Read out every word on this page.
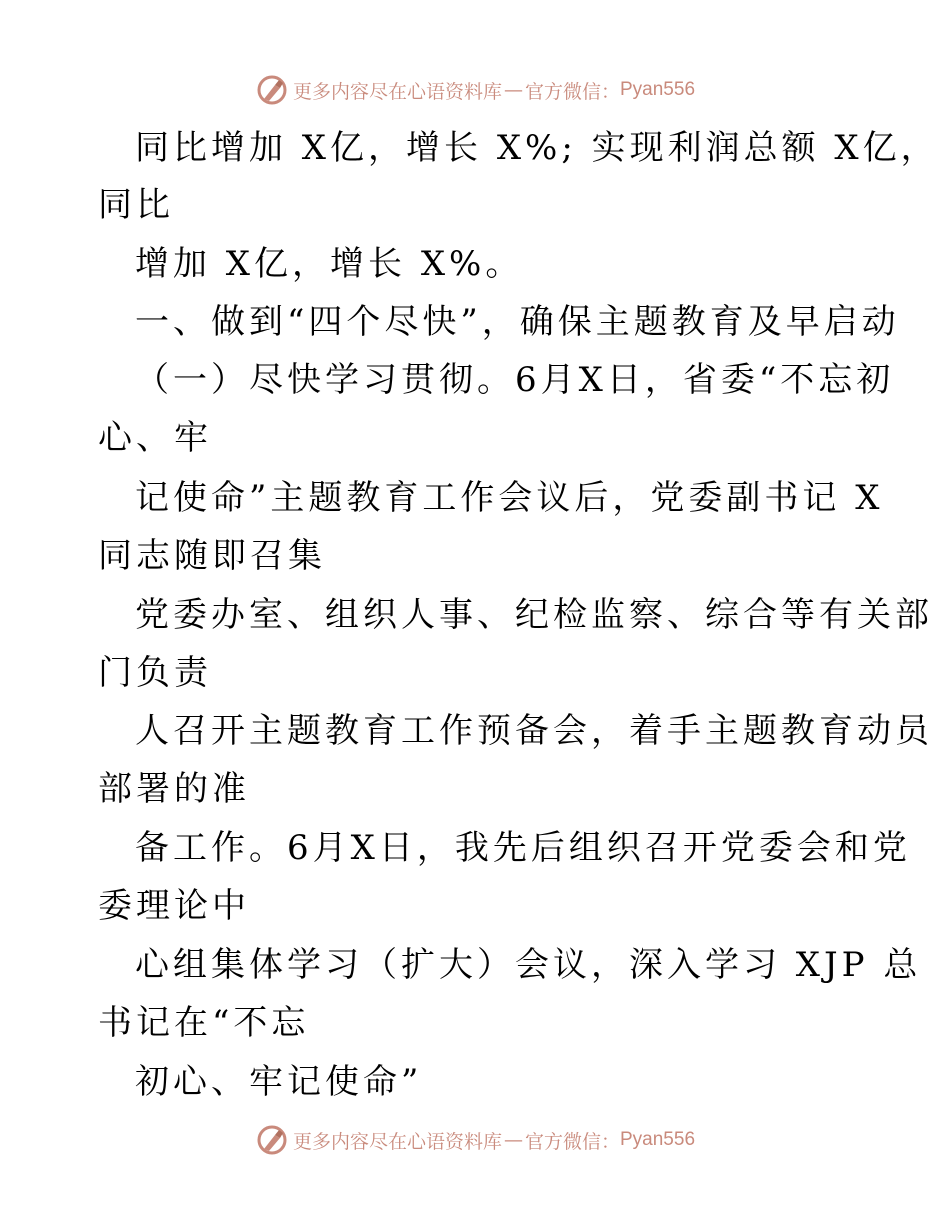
更多内容尽在心语资料库 — 官方微信： Pyan556
同比增加 X亿，增长 X%; 实现利润总额 X亿，
同比
增加 X亿，增长 X%。
一、做到“四个尽快”，确保主题教育及早启动
（一）尽快学习贯彻。6月X日，省委“不忘初
心、牢
记使命”主题教育工作会议后，党委副书记 X
同志随即召集
党委办室、组织人事、纪检监察、综合等有关部
门负责
人召开主题教育工作预备会，着手主题教育动员
部署的准
备工作。6月X日，我先后组织召开党委会和党
委理论中
心组集体学习（扩大）会议，深入学习 XJP 总
书记在“不忘
初心、牢记使命”
更多内容尽在心语资料库 — 官方微信： Pyan556
